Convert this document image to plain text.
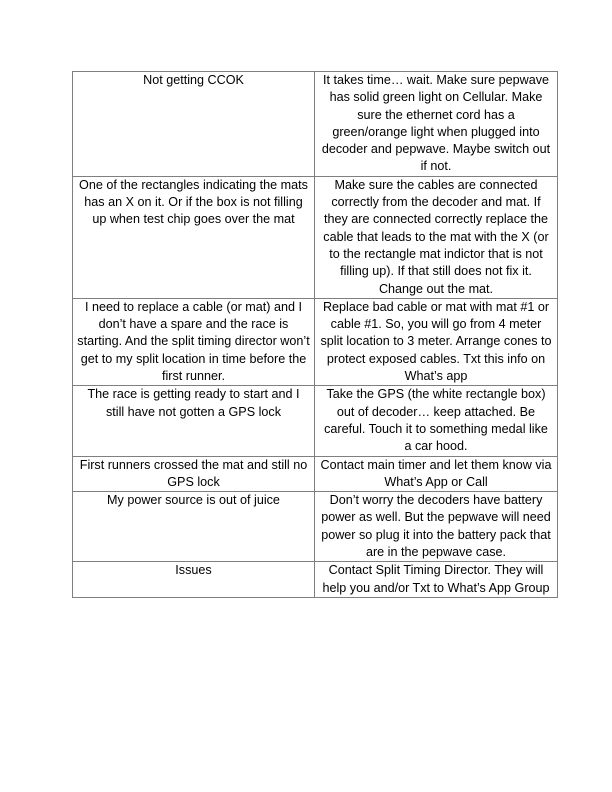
Not getting CCOK	It takes time… wait. Make sure pepwave has solid green light on Cellular. Make sure the ethernet cord has a green/orange light when plugged into decoder and pepwave. Maybe switch out if not.

One of the rectangles indicating the mats has an X on it. Or if the box is not filling up when test chip goes over the mat	Make sure the cables are connected correctly from the decoder and mat. If they are connected correctly replace the cable that leads to the mat with the X (or to the rectangle mat indictor that is not filling up). If that still does not fix it. Change out the mat.

I need to replace a cable (or mat) and I don’t have a spare and the race is starting. And the split timing director won’t get to my split location in time before the first runner.	Replace bad cable or mat with mat #1 or cable #1. So, you will go from 4 meter split location to 3 meter. Arrange cones to protect exposed cables. Txt this info on What’s app

The race is getting ready to start and I still have not gotten a GPS lock	Take the GPS (the white rectangle box) out of decoder… keep attached. Be careful. Touch it to something medal like a car hood.

First runners crossed the mat and still no GPS lock	Contact main timer and let them know via What’s App or Call

My power source is out of juice	Don’t worry the decoders have battery power as well. But the pepwave will need power so plug it into the battery pack that are in the pepwave case.

Issues	Contact Split Timing Director. They will help you and/or Txt to What’s App Group
